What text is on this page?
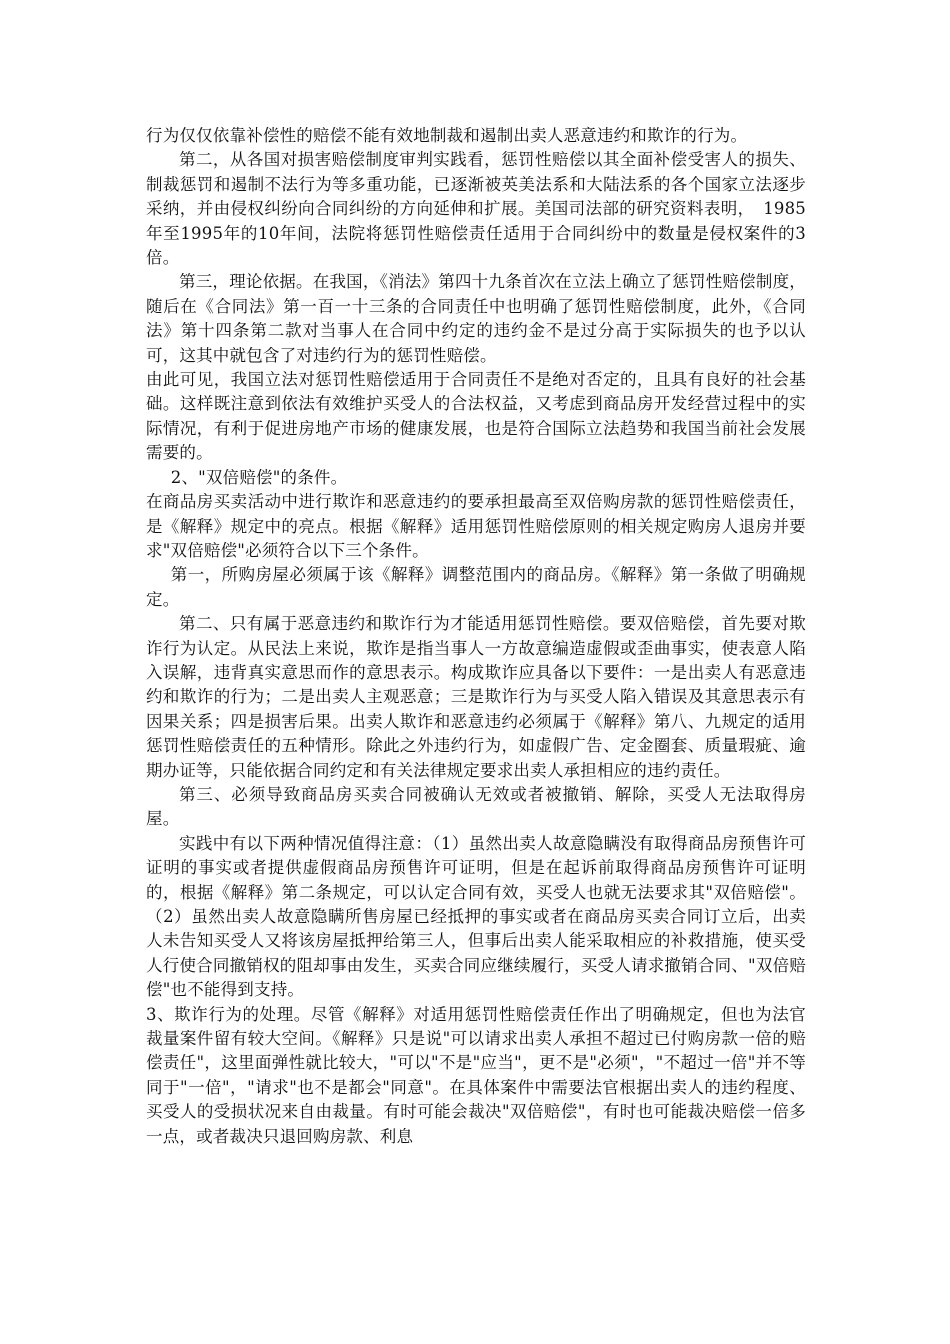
行为仅仅依靠补偿性的赔偿不能有效地制裁和遏制出卖人恶意违约和欺诈的行为。

第二，从各国对损害赔偿制度审判实践看，惩罚性赔偿以其全面补偿受害人的损失、制裁惩罚和遏制不法行为等多重功能，已逐渐被英美法系和大陆法系的各个国家立法逐步采纳，并由侵权纠纷向合同纠纷的方向延伸和扩展。美国司法部的研究资料表明，　1985年至1995年的10年间，法院将惩罚性赔偿责任适用于合同纠纷中的数量是侵权案件的3倍。

第三，理论依据。在我国，《消法》第四十九条首次在立法上确立了惩罚性赔偿制度，随后在《合同法》第一百一十三条的合同责任中也明确了惩罚性赔偿制度，此外，《合同法》第十四条第二款对当事人在合同中约定的违约金不是过分高于实际损失的也予以认可，这其中就包含了对违约行为的惩罚性赔偿。

由此可见，我国立法对惩罚性赔偿适用于合同责任不是绝对否定的，且具有良好的社会基础。这样既注意到依法有效维护买受人的合法权益，又考虑到商品房开发经营过程中的实际情况，有利于促进房地产市场的健康发展，也是符合国际立法趋势和我国当前社会发展需要的。

2、"双倍赔偿"的条件。

在商品房买卖活动中进行欺诈和恶意违约的要承担最高至双倍购房款的惩罚性赔偿责任，是《解释》规定中的亮点。根据《解释》适用惩罚性赔偿原则的相关规定购房人退房并要求"双倍赔偿"必须符合以下三个条件。

第一，所购房屋必须属于该《解释》调整范围内的商品房。《解释》第一条做了明确规定。

第二、只有属于恶意违约和欺诈行为才能适用惩罚性赔偿。要双倍赔偿，首先要对欺诈行为认定。从民法上来说，欺诈是指当事人一方故意编造虚假或歪曲事实，使表意人陷入误解，违背真实意思而作的意思表示。构成欺诈应具备以下要件：一是出卖人有恶意违约和欺诈的行为；二是出卖人主观恶意；三是欺诈行为与买受人陷入错误及其意思表示有因果关系；四是损害后果。出卖人欺诈和恶意违约必须属于《解释》第八、九规定的适用惩罚性赔偿责任的五种情形。除此之外违约行为，如虚假广告、定金圈套、质量瑕疵、逾期办证等，只能依据合同约定和有关法律规定要求出卖人承担相应的违约责任。

第三、必须导致商品房买卖合同被确认无效或者被撤销、解除，买受人无法取得房屋。

实践中有以下两种情况值得注意：（1）虽然出卖人故意隐瞒没有取得商品房预售许可证明的事实或者提供虚假商品房预售许可证明，但是在起诉前取得商品房预售许可证明的，根据《解释》第二条规定，可以认定合同有效，买受人也就无法要求其"双倍赔偿"。（2）虽然出卖人故意隐瞒所售房屋已经抵押的事实或者在商品房买卖合同订立后，出卖人未告知买受人又将该房屋抵押给第三人，但事后出卖人能采取相应的补救措施，使买受人行使合同撤销权的阻却事由发生，买卖合同应继续履行，买受人请求撤销合同、"双倍赔偿"也不能得到支持。

3、欺诈行为的处理。尽管《解释》对适用惩罚性赔偿责任作出了明确规定，但也为法官裁量案件留有较大空间。《解释》只是说"可以请求出卖人承担不超过已付购房款一倍的赔偿责任"，这里面弹性就比较大，"可以"不是"应当"，更不是"必须"，"不超过一倍"并不等同于"一倍"，"请求"也不是都会"同意"。在具体案件中需要法官根据出卖人的违约程度、买受人的受损状况来自由裁量。有时可能会裁决"双倍赔偿"，有时也可能裁决赔偿一倍多一点，或者裁决只退回购房款、利息
